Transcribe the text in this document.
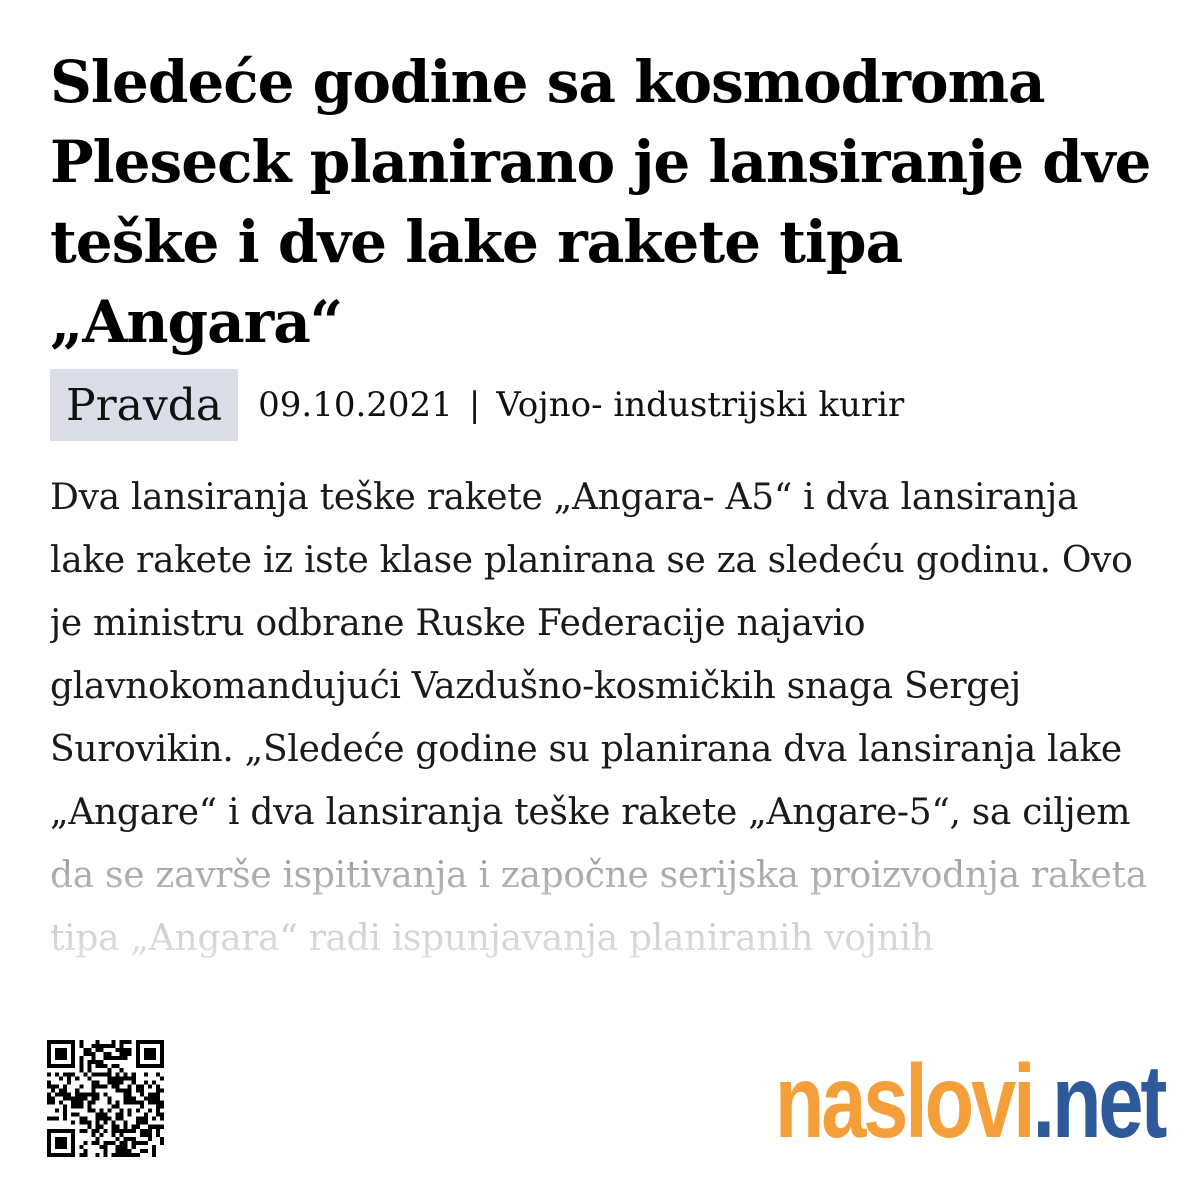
Sledeće godine sa kosmodroma Pleseck planirano je lansiranje dve teške i dve lake rakete tipa „Angara“
Pravda	09.10.2021 | Vojno- industrijski kurir

Dva lansiranja teške rakete „Angara- A5“ i dva lansiranja lake rakete iz iste klase planirana se za sledeću godinu. Ovo je ministru odbrane Ruske Federacije najavio glavnokomandujući Vazdušno-kosmičkih snaga Sergej Surovikin. „Sledeće godine su planirana dva lansiranja lake „Angare“ i dva lansiranja teške rakete „Angare-5“, sa ciljem

naslovi.net
